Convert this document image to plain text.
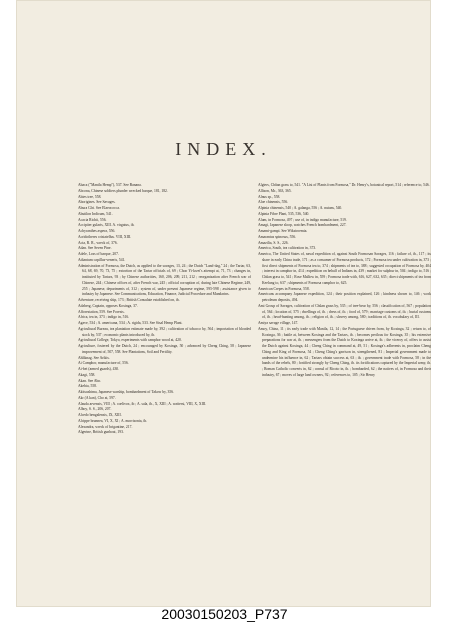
INDEX.

Abaca ("Manila Hemp"), 537. See Banana.

Abcona, Chinese soldiers plunder wrecked barque, 181, 182.

Abies tree, 558.

Aborigines. See Savages.

Abura Gîri. See Elaeococca.

Abutilon Indicum, 541.

Acacia Richii, 556.

Accipiter gularis, XIII. A. virgatus, ib.

Achyranthes aspera, 556.

Acridotheres cristatellus. VIII, XIII.

Acta, R. R., wreck of, 376.

Adan. See Seven Pine.

Adele, Loss of barque, 207.

Adiantum capillus-veneris, 541.

Administration of Formosa, the Dutch, as applied to the savages, 13, 24 ; the Dutch "Land-dag," 24 ; the Tartar, 63, 64, 68, 69, 70, 73, 75 ; extortion of the Tartar officials of, 69 ; Choo Yi-kwei's attempt at, 71, 73 ; changes in, instituted by Tartars, 93 ; by Chinese authorities, 160, 206, 209, 211, 212 ; reorganization after French war of Chinese, 244 ; Chinese offices of, after French war, 245 ; official corruption of, during late Chinese Regime, 249, 255 ; Japanese, departments of, 312 ; system of, under present Japanese regime, 595-598 ; assistance given to industry by Japanese. See Communications, Education, Finance, Judicial Procedure and Mandarins.

Adventure, receiving ship, 173 ; British Consulate established on, ib.

Adzberg, Captain, opposes Koxinga, 37.

Afforestation, 559. See Forests.

Africa, tea in, 373 ; indigo in, 516.

Agave, 534 ; A. americana, 534 ; A. rigida, 533. See Sisal Hemp Plant.

Agricultural Bureau, tea plantation estimate made by, 392 ; cultivation of tobacco by, 564 ; importation of blooded stock by, 537 ; economic plants introduced by, ib.

Agricultural College, Tokyo, experiments with camphor wood at, 420.

Agriculture, fostered by the Dutch, 24 ; encouraged by Koxinga, 50 ; advanced by Cheng Ching, 58 ; Japanese improvement of, 507, 558. See Plantations, Soil and Fertility.

Ahliknag. See Arikis.

Ai Camphor, manufacture of, 556.

Ai-bei (armed guards), 430.

Akagi, 558.

Akan. See Abo.

Akebia, 558.

Akitsushima, Japanese warship, bombardment of Takow by, 356.

Akr (A kan), Cho at, 597.

Alauda arvensis, VIII ; A. coelivox, ib ; A. sala, ib., X, XIII ; A. wattersi, VIII, X, XIII.

Alboy, S. S., 206, 207.

Alcedo bengalensis, IX, XIII.

Alcippe brunnea, VI, X, XI ; A. morrisonia, ib.

Alexandra, wreck of brigantine, 217.

Algerine, British gunboat, 193.

Algiers, Chûan grass to, 541. "A List of Plants from Formosa," Dr. Henry's, botanical report, 514 ; reference to, 546.

Allison, Mr., 363, 365.

Alnus sp., 558.

Aloe chinensis, 556.

Alpinia chinensis, 540 ; A. galanga, 556 ; A. nutans, 540.

Alpinia Fibre Plant, 535, 536, 540.

Alum, in Formosa, 497 ; use of, in indigo manufacture, 519.

Amagi, Japanese sloop, watches French bombardment, 227.

Amami-gampi. See Wikstroemia.

Amarantus spinosus, 556.

Amazilia, S. S., 226.

America, South, tea cultivation in, 373.

America, The United States of, naval expedition of, against South Formosan Savages, 116 ; failure of, ib., 117 ; its share in early China trade, 171 ; as a consumer of Formosa products, 172 ; Formosa tea under cultivation in, 373 ; first direct shipments of Formosa tea to, 374 ; shipments of tea to, 388 ; suggested occupation of Formosa by, 404 ; interest in camphor in, 414 ; expedition on behalf of Indians in, 439 ; market for sulphur in, 504 ; indigo to, 516 ; Chûan grass to, 541 ; Rose Mallow in, 559 ; Formosa trade with, 616, 627, 632, 635 ; direct shipments of tea from Keelung to, 637 ; shipments of Formosa camphor to, 625.

American Crepes in Formosa, 558.

Americans accompany Japanese expedition, 124 ; their position explained, 126 ; kindness shown to, 146 ; work petroleum deposits, 494.

Ami Group of Savages, cultivation of Chûan grass by, 535 ; of tree-bear by, 556 ; classification of, 567 ; population of, 564 ; location of, 575 ; dwellings of, ib. ; dress of, ib. ; food of, 579 ; marriage customs of, ib. ; burial customs of, ib. ; head-hunting among, ib. ; religion of, ib. ; slavery among, 580 ; traditions of, ib. vocabulary of, III.

Amiya savage village, 147.

Amoy, China, 11 ; its early trade with Manila, 12, 14 ; the Portuguese driven from, by Koxinga, 32 ; return to, of Koxinga, 36 ; battle at, between Koxinga and the Tartars, ib. ; becomes perilous for Koxinga, 35 ; his extensive preparations for war at, ib. ; messengers from the Dutch to Koxinga arrive at, ib. ; the viceroy of, offers to assist the Dutch against Koxinga, 44 ; Cheng Ching in command at, 49, 51 ; Koxinga's adherents in, proclaim Cheng Ching and King of Formosa, 54 ; Cheng Ching's garrison in, strengthened, 81 ; Imperial government made to undermine his influence in, 62 ; Tartars obtain success at, 63 ; ib. ; government trade with Formosa, 58 ; in the hands of the rebels, 80 ; fortified strongly by Cheng Ching, ib. its fortifications captured by the Imperial army, ib. ; Roman Catholic converts in, 62 ; consul of Ricoto in, ib. ; bombarded, 62 ; the natives of, in Formosa and their industry, 67 ; moves of large land owners, 92 ; references to, 105 ; Sir Henry

20030150203_P737
